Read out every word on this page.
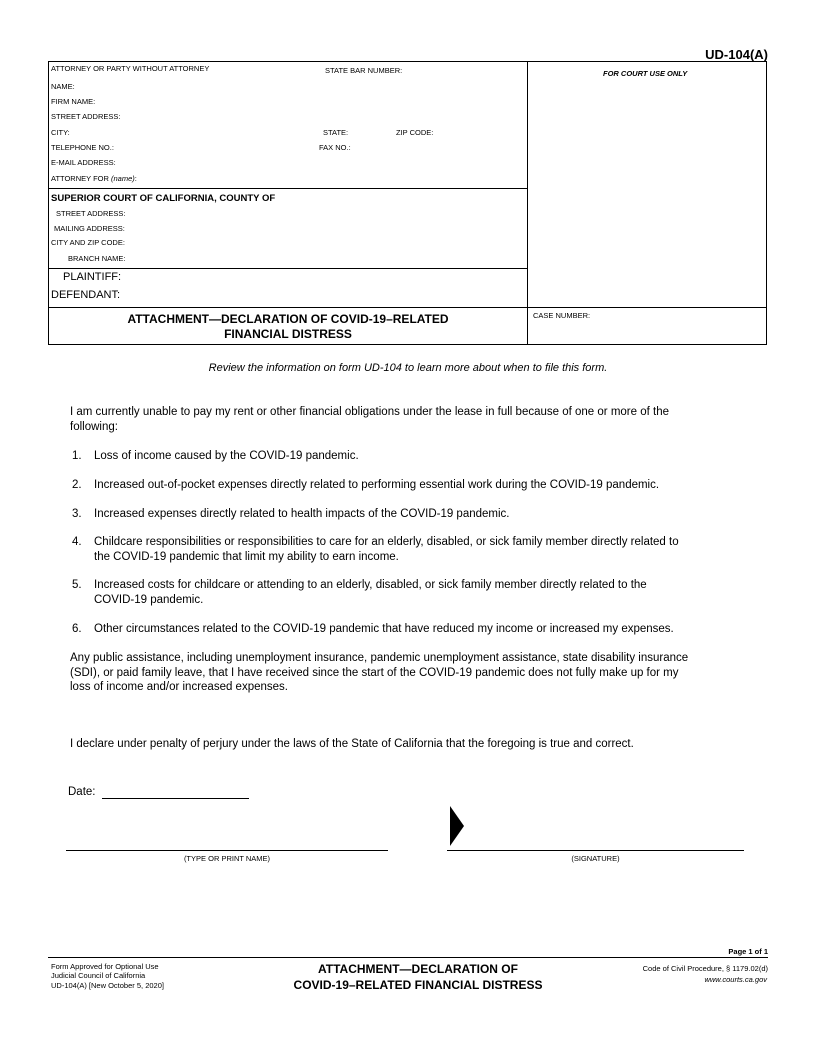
UD-104(A)
ATTORNEY OR PARTY WITHOUT ATTORNEY	STATE BAR NUMBER:	FOR COURT USE ONLY
NAME:
FIRM NAME:
STREET ADDRESS:
CITY:	STATE:	ZIP CODE:
TELEPHONE NO.:	FAX NO.:
E-MAIL ADDRESS:
ATTORNEY FOR (name):
SUPERIOR COURT OF CALIFORNIA, COUNTY OF
STREET ADDRESS:
MAILING ADDRESS:
CITY AND ZIP CODE:
BRANCH NAME:
PLAINTIFF:
DEFENDANT:
ATTACHMENT—DECLARATION OF COVID-19–RELATED
FINANCIAL DISTRESS
CASE NUMBER:
Review the information on form UD-104 to learn more about when to file this form.
I am currently unable to pay my rent or other financial obligations under the lease in full because of one or more of the
following:
1. Loss of income caused by the COVID-19 pandemic.
2. Increased out-of-pocket expenses directly related to performing essential work during the COVID-19 pandemic.
3. Increased expenses directly related to health impacts of the COVID-19 pandemic.
4. Childcare responsibilities or responsibilities to care for an elderly, disabled, or sick family member directly related to
the COVID-19 pandemic that limit my ability to earn income.
5. Increased costs for childcare or attending to an elderly, disabled, or sick family member directly related to the
COVID-19 pandemic.
6. Other circumstances related to the COVID-19 pandemic that have reduced my income or increased my expenses.
Any public assistance, including unemployment insurance, pandemic unemployment assistance, state disability insurance
(SDI), or paid family leave, that I have received since the start of the COVID-19 pandemic does not fully make up for my
loss of income and/or increased expenses.
I declare under penalty of perjury under the laws of the State of California that the foregoing is true and correct.
Date:
(TYPE OR PRINT NAME)	(SIGNATURE)
Page 1 of 1
Form Approved for Optional Use
Judicial Council of California
UD-104(A) [New October 5, 2020]
ATTACHMENT—DECLARATION OF
COVID-19–RELATED FINANCIAL DISTRESS
Code of Civil Procedure, § 1179.02(d)
www.courts.ca.gov
